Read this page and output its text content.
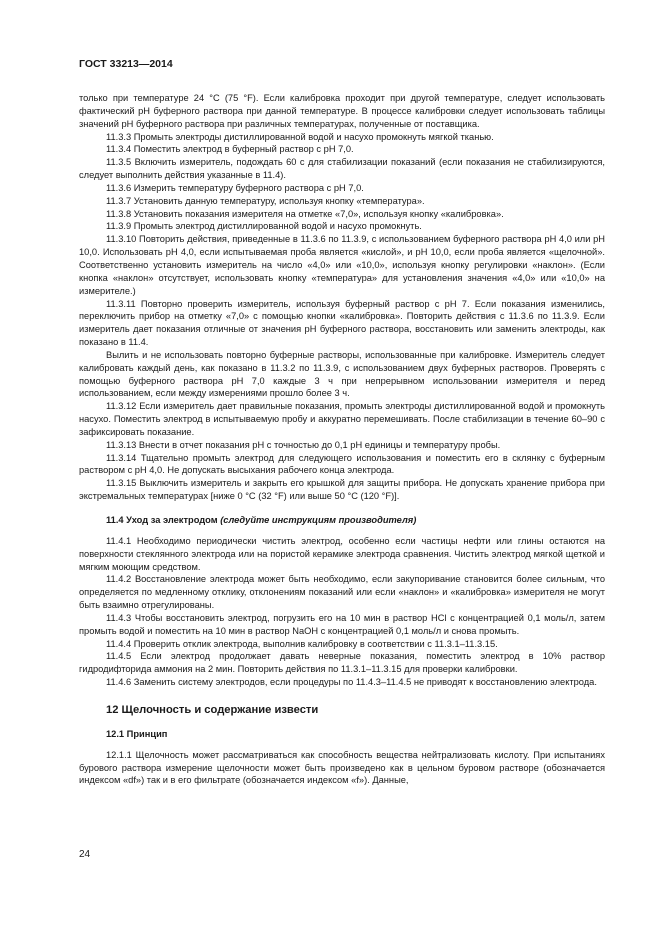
ГОСТ 33213—2014

только при температуре 24 °С (75 °F). Если калибровка проходит при другой температуре, следует использовать фактический pH буферного раствора при данной температуре. В процессе калибровки следует использовать таблицы значений pH буферного раствора при различных температурах, полученные от поставщика.

11.3.3 Промыть электроды дистиллированной водой и насухо промокнуть мягкой тканью.

11.3.4 Поместить электрод в буферный раствор с pH 7,0.

11.3.5 Включить измеритель, подождать 60 с для стабилизации показаний (если показания не стабилизируются, следует выполнить действия указанные в 11.4).

11.3.6 Измерить температуру буферного раствора с pH 7,0.

11.3.7 Установить данную температуру, используя кнопку «температура».

11.3.8 Установить показания измерителя на отметке «7,0», используя кнопку «калибровка».

11.3.9 Промыть электрод дистиллированной водой и насухо промокнуть.

11.3.10 Повторить действия, приведенные в 11.3.6 по 11.3.9, с использованием буферного раствора pH 4,0 или pH 10,0. Использовать pH 4,0, если испытываемая проба является «кислой», и pH 10,0, если проба является «щелочной». Соответственно установить измеритель на число «4,0» или «10,0», используя кнопку регулировки «наклон». (Если кнопка «наклон» отсутствует, использовать кнопку «температура» для установления значения «4,0» или «10,0» на измерителе.)

11.3.11 Повторно проверить измеритель, используя буферный раствор с pH 7. Если показания изменились, переключить прибор на отметку «7,0» с помощью кнопки «калибровка». Повторить действия с 11.3.6 по 11.3.9. Если измеритель дает показания отличные от значения pH буферного раствора, восстановить или заменить электроды, как показано в 11.4.

Вылить и не использовать повторно буферные растворы, использованные при калибровке. Измеритель следует калибровать каждый день, как показано в 11.3.2 по 11.3.9, с использованием двух буферных растворов. Проверять с помощью буферного раствора pH 7,0 каждые 3 ч при непрерывном использовании измерителя и перед использованием, если между измерениями прошло более 3 ч.

11.3.12 Если измеритель дает правильные показания, промыть электроды дистиллированной водой и промокнуть насухо. Поместить электрод в испытываемую пробу и аккуратно перемешивать. После стабилизации в течение 60–90 с зафиксировать показание.

11.3.13 Внести в отчет показания pH с точностью до 0,1 pH единицы и температуру пробы.

11.3.14 Тщательно промыть электрод для следующего использования и поместить его в склянку с буферным раствором с pH 4,0. Не допускать высыхания рабочего конца электрода.

11.3.15 Выключить измеритель и закрыть его крышкой для защиты прибора. Не допускать хранение прибора при экстремальных температурах [ниже 0 °С (32 °F) или выше 50 °С (120 °F)].

11.4 Уход за электродом (следуйте инструкциям производителя)

11.4.1 Необходимо периодически чистить электрод, особенно если частицы нефти или глины остаются на поверхности стеклянного электрода или на пористой керамике электрода сравнения. Чистить электрод мягкой щеткой и мягким моющим средством.

11.4.2 Восстановление электрода может быть необходимо, если закупоривание становится более сильным, что определяется по медленному отклику, отклонениям показаний или если «наклон» и «калибровка» измерителя не могут быть взаимно отрегулированы.

11.4.3 Чтобы восстановить электрод, погрузить его на 10 мин в раствор HCl с концентрацией 0,1 моль/л, затем промыть водой и поместить на 10 мин в раствор NaOH с концентрацией 0,1 моль/л и снова промыть.

11.4.4 Проверить отклик электрода, выполнив калибровку в соответствии с 11.3.1–11.3.15.

11.4.5 Если электрод продолжает давать неверные показания, поместить электрод в 10% раствор гидродифторида аммония на 2 мин. Повторить действия по 11.3.1–11.3.15 для проверки калибровки.

11.4.6 Заменить систему электродов, если процедуры по 11.4.3–11.4.5 не приводят к восстановлению электрода.

12 Щелочность и содержание извести
12.1 Принцип

12.1.1 Щелочность может рассматриваться как способность вещества нейтрализовать кислоту. При испытаниях бурового раствора измерение щелочности может быть произведено как в цельном буровом растворе (обозначается индексом «df») так и в его фильтрате (обозначается индексом «f»). Данные,

24
